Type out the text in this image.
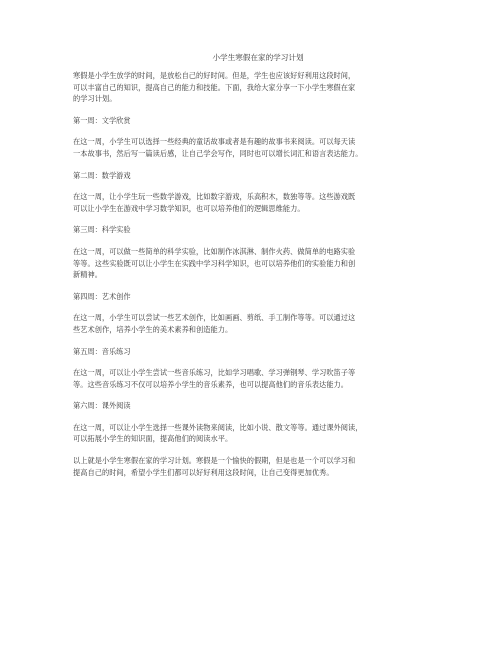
小学生寒假在家的学习计划
寒假是小学生放学的时间，是放松自己的好时间。但是，学生也应该好好利用这段时间，
可以丰富自己的知识，提高自己的能力和技能。下面，我给大家分享一下小学生寒假在家
的学习计划。
第一周：文学欣赏
在这一周，小学生可以选择一些经典的童话故事或者是有趣的故事书来阅读。可以每天读
一本故事书，然后写一篇读后感，让自己学会写作，同时也可以增长词汇和语言表达能力。
第二周：数学游戏
在这一周，让小学生玩一些数学游戏，比如数字游戏，乐高积木，数独等等。这些游戏既
可以让小学生在游戏中学习数学知识，也可以培养他们的逻辑思维能力。
第三周：科学实验
在这一周，可以做一些简单的科学实验，比如制作冰淇淋、制作火药、做简单的电路实验
等等。这些实验既可以让小学生在实践中学习科学知识，也可以培养他们的实验能力和创
新精神。
第四周：艺术创作
在这一周，小学生可以尝试一些艺术创作，比如画画、剪纸、手工制作等等。可以通过这
些艺术创作，培养小学生的美术素养和创造能力。
第五周：音乐练习
在这一周，可以让小学生尝试一些音乐练习，比如学习唱歌、学习弹钢琴、学习吹笛子等
等。这些音乐练习不仅可以培养小学生的音乐素养，也可以提高他们的音乐表达能力。
第六周：课外阅读
在这一周，可以让小学生选择一些课外读物来阅读，比如小说、散文等等。通过课外阅读，
可以拓展小学生的知识面，提高他们的阅读水平。
以上就是小学生寒假在家的学习计划。寒假是一个愉快的假期，但是也是一个可以学习和
提高自己的时间，希望小学生们都可以好好利用这段时间，让自己变得更加优秀。
